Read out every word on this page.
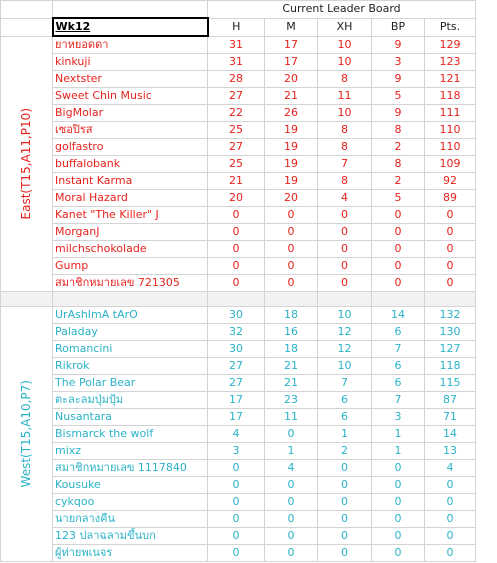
		Current Leader Board				
	Wk12	H	M	XH	BP	Pts.
	ยาหยอดดา	31	17	10	9	129
	kinkuji	31	17	10	3	123
	Nextster	28	20	8	9	121
	Sweet Chin Music	27	21	11	5	118
	BigMolar	22	26	10	9	111
	เซอปิรส	25	19	8	8	110
	golfastro	27	19	8	2	110
	buffalobank	25	19	7	8	109
	Instant Karma	21	19	8	2	92
	Moral Hazard	20	20	4	5	89
	Kanet "The Killer" J	0	0	0	0	0
	MorganJ	0	0	0	0	0
	milchschokolade	0	0	0	0	0
	Gump	0	0	0	0	0
	สมาชิกหมายเลข 721305	0	0	0	0	0

	UrAshImA tArO	30	18	10	14	132
	Paladay	32	16	12	6	130
	Romancini	30	18	12	7	127
	Rikrok	27	21	10	6	118
	The Polar Bear	27	21	7	6	115
	ตะละลมปุ่มปุ้ม	17	23	6	7	87
	Nusantara	17	11	6	3	71
	Bismarck the wolf	4	0	1	1	14
	mixz	3	1	2	1	13
	สมาชิกหมายเลข 1117840	0	4	0	0	4
	Kousuke	0	0	0	0	0
	cykqoo	0	0	0	0	0
	นายกลางคืน	0	0	0	0	0
	123 ปลาฉลามขึ้นบก	0	0	0	0	0
	ผู้ท่ายพเนจร	0	0	0	0	0
East(T15,A11,P10)
West(T15,A10,P7)
